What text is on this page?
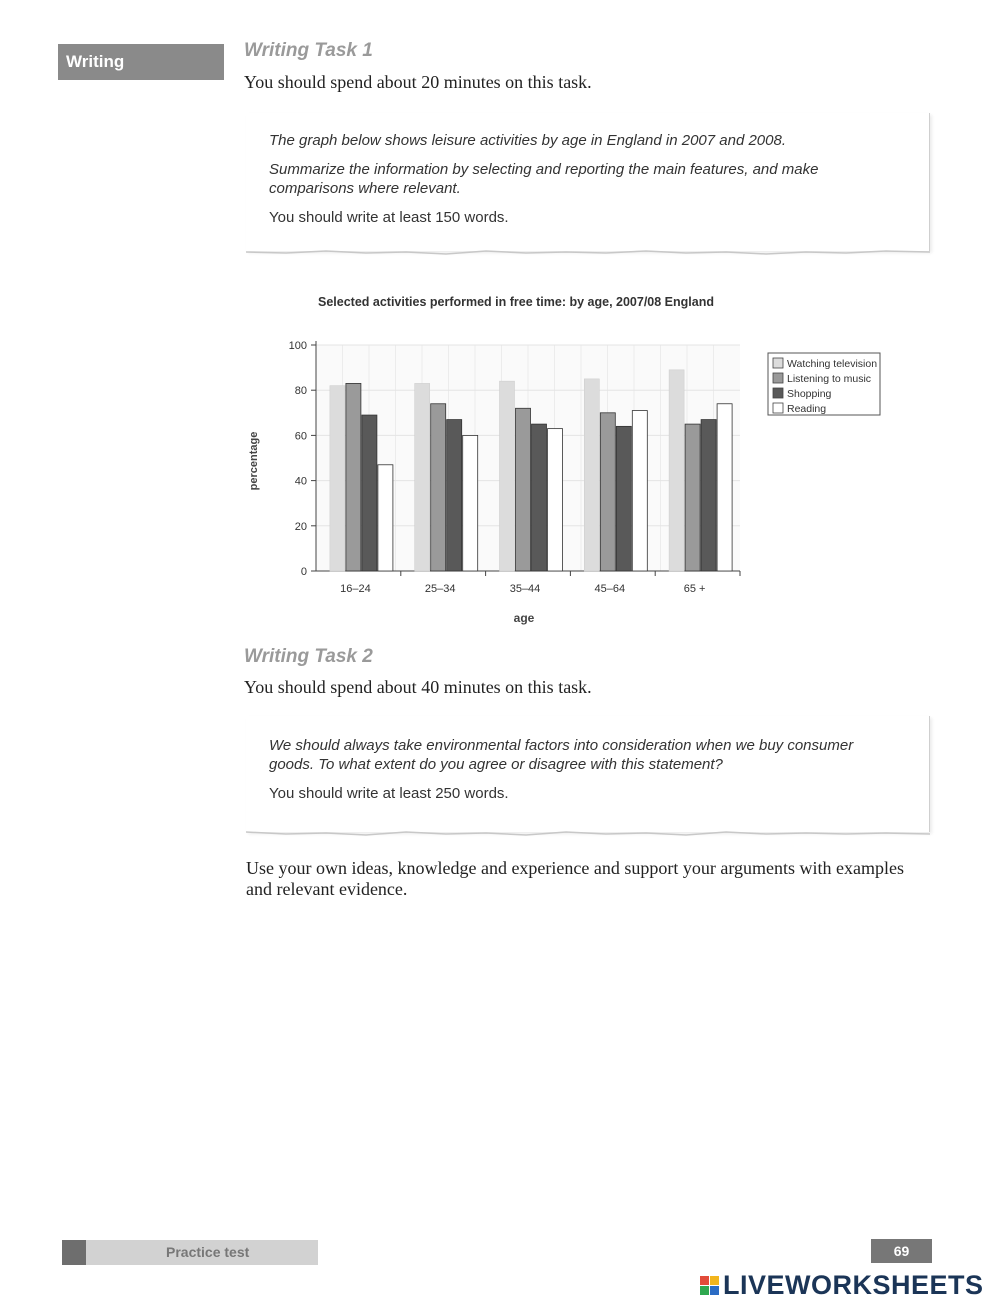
Writing
Writing Task 1
You should spend about 20 minutes on this task.

The graph below shows leisure activities by age in England in 2007 and 2008.

Summarize the information by selecting and reporting the main features, and make comparisons where relevant.

You should write at least 150 words.

Selected activities performed in free time: by age, 2007/08 England
percentage
age
0
20
40
60
80
100
16–24	25–34	35–44	45–64	65 +
Watching television
Listening to music
Shopping
Reading
Writing Task 2
You should spend about 40 minutes on this task.

We should always take environmental factors into consideration when we buy consumer goods. To what extent do you agree or disagree with this statement?

You should write at least 250 words.

Use your own ideas, knowledge and experience and support your arguments with examples and relevant evidence.
Practice test	69
LIVEWORKSHEETS
